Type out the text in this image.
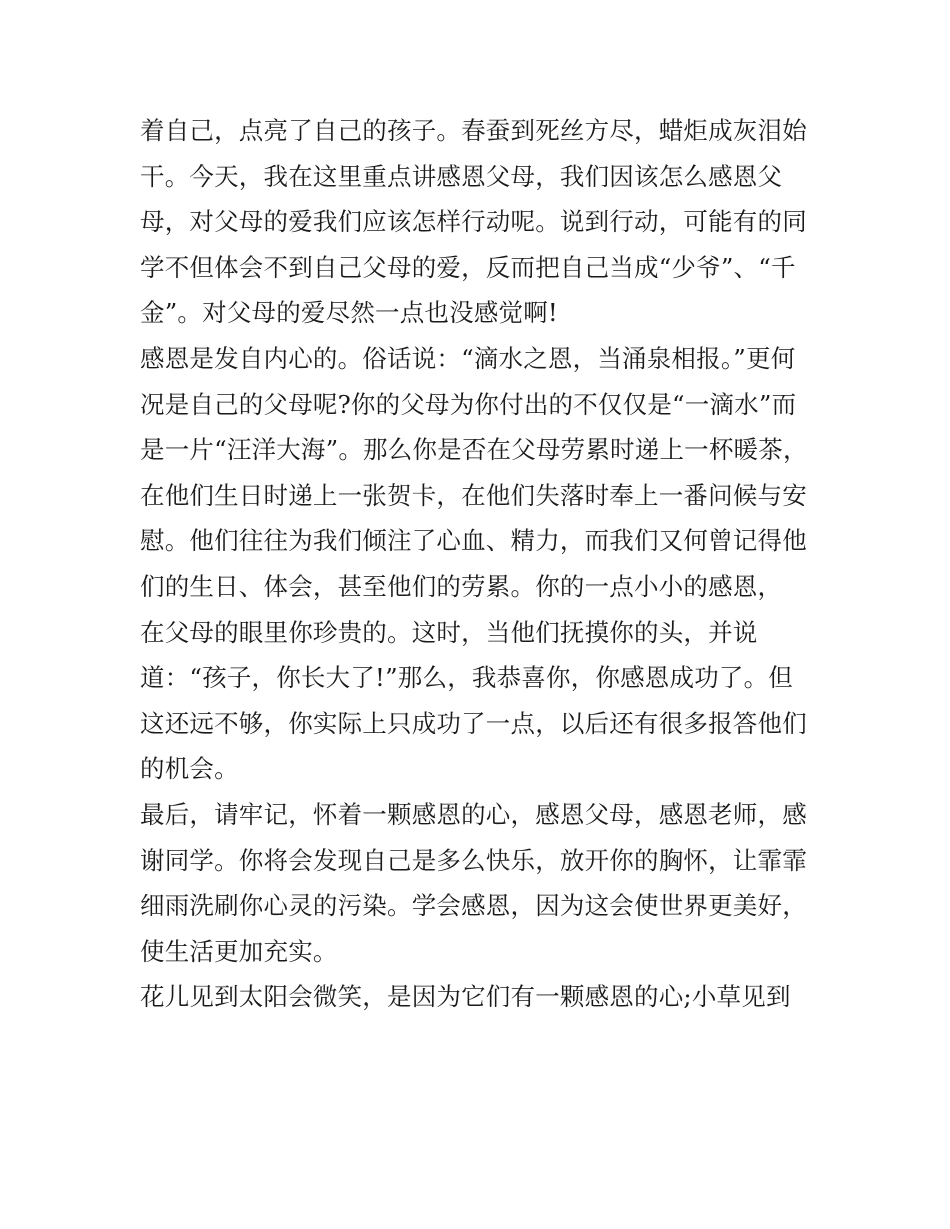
着自己，点亮了自己的孩子。春蚕到死丝方尽，蜡炬成灰泪始
干。今天，我在这里重点讲感恩父母，我们因该怎么感恩父
母，对父母的爱我们应该怎样行动呢。说到行动，可能有的同
学不但体会不到自己父母的爱，反而把自己当成“少爷”、“千
金”。对父母的爱尽然一点也没感觉啊!
感恩是发自内心的。俗话说：“滴水之恩，当涌泉相报。”更何
况是自己的父母呢?你的父母为你付出的不仅仅是“一滴水”而
是一片“汪洋大海”。那么你是否在父母劳累时递上一杯暖茶，
在他们生日时递上一张贺卡，在他们失落时奉上一番问候与安
慰。他们往往为我们倾注了心血、精力，而我们又何曾记得他
们的生日、体会，甚至他们的劳累。你的一点小小的感恩，
在父母的眼里你珍贵的。这时，当他们抚摸你的头，并说
道：“孩子，你长大了!”那么，我恭喜你，你感恩成功了。但
这还远不够，你实际上只成功了一点，以后还有很多报答他们
的机会。
最后，请牢记，怀着一颗感恩的心，感恩父母，感恩老师，感
谢同学。你将会发现自己是多么快乐，放开你的胸怀，让霏霏
细雨洗刷你心灵的污染。学会感恩，因为这会使世界更美好，
使生活更加充实。
花儿见到太阳会微笑，是因为它们有一颗感恩的心;小草见到
